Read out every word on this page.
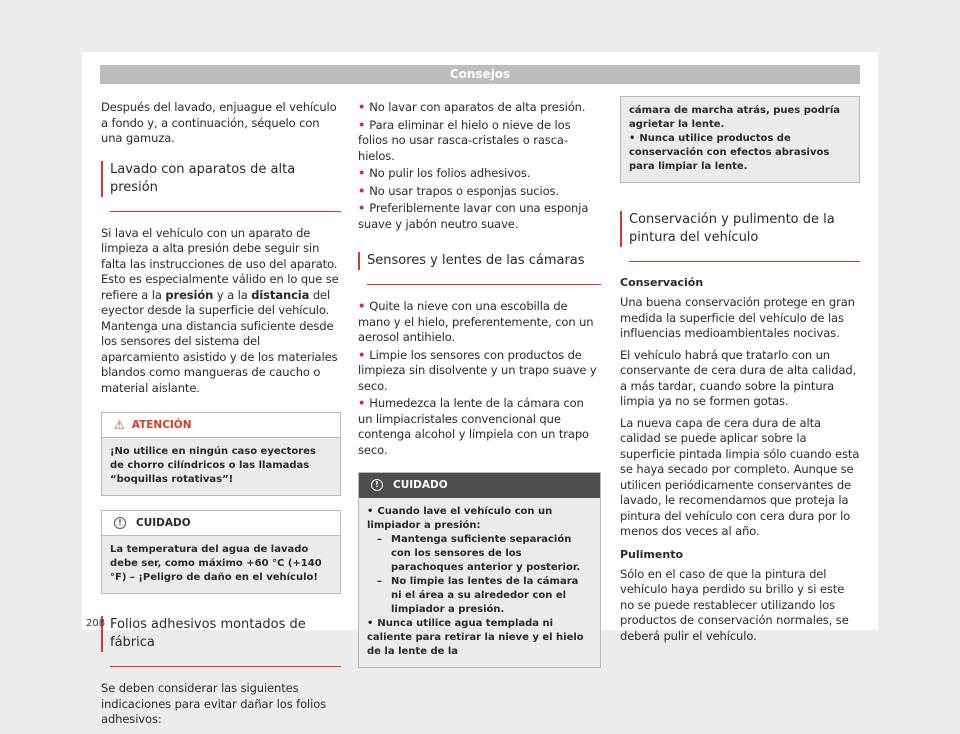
Consejos

Después del lavado, enjuague el vehículo a fondo y, a continuación, séquelo con una gamuza.

Lavado con aparatos de alta presión

Si lava el vehículo con un aparato de limpieza a alta presión debe seguir sin falta las instrucciones de uso del aparato. Esto es especialmente válido en lo que se refiere a la presión y a la distancia del eyector desde la superficie del vehículo. Mantenga una distancia suficiente desde los sensores del sistema del aparcamiento asistido y de los materiales blandos como mangueras de caucho o material aislante.

⚠ ATENCIÓN
¡No utilice en ningún caso eyectores de chorro cilíndricos o las llamadas “boquillas rotativas”!
!	CUIDADO
La temperatura del agua de lavado debe ser, como máximo +60 °C (+140 °F) – ¡Peligro de daño en el vehículo!
Folios adhesivos montados de fábrica

Se deben considerar las siguientes indicaciones para evitar dañar los folios adhesivos:

• No lavar con aparatos de alta presión.

• Para eliminar el hielo o nieve de los folios no usar rasca-cristales o rasca-hielos.

• No pulir los folios adhesivos.

• No usar trapos o esponjas sucios.

• Preferiblemente lavar con una esponja suave y jabón neutro suave.

Sensores y lentes de las cámaras

• Quite la nieve con una escobilla de mano y el hielo, preferentemente, con un aerosol antihielo.

• Limpie los sensores con productos de limpieza sin disolvente y un trapo suave y seco.

• Humedezca la lente de la cámara con un limpiacristales convencional que contenga alcohol y límpiela con un trapo seco.

!	CUIDADO
• Cuando lave el vehículo con un limpiador a presión:
– Mantenga suficiente separación con los sensores de los parachoques anterior y posterior.
– No limpie las lentes de la cámara ni el área a su alrededor con el limpiador a presión.
• Nunca utilice agua templada ni caliente para retirar la nieve y el hielo de la lente de la
cámara de marcha atrás, pues podría agrietar la lente.
• Nunca utilice productos de conservación con efectos abrasivos para limpiar la lente.
Conservación y pulimento de la pintura del vehículo
Conservación

Una buena conservación protege en gran medida la superficie del vehículo de las influencias medioambientales nocivas.

El vehículo habrá que tratarlo con un conservante de cera dura de alta calidad, a más tardar, cuando sobre la pintura limpia ya no se formen gotas.

La nueva capa de cera dura de alta calidad se puede aplicar sobre la superficie pintada limpia sólo cuando esta se haya secado por completo. Aunque se utilicen periódicamente conservantes de lavado, le recomendamos que proteja la pintura del vehículo con cera dura por lo menos dos veces al año.

Pulimento

Sólo en el caso de que la pintura del vehículo haya perdido su brillo y si este no se puede restablecer utilizando los productos de conservación normales, se deberá pulir el vehículo.

208
